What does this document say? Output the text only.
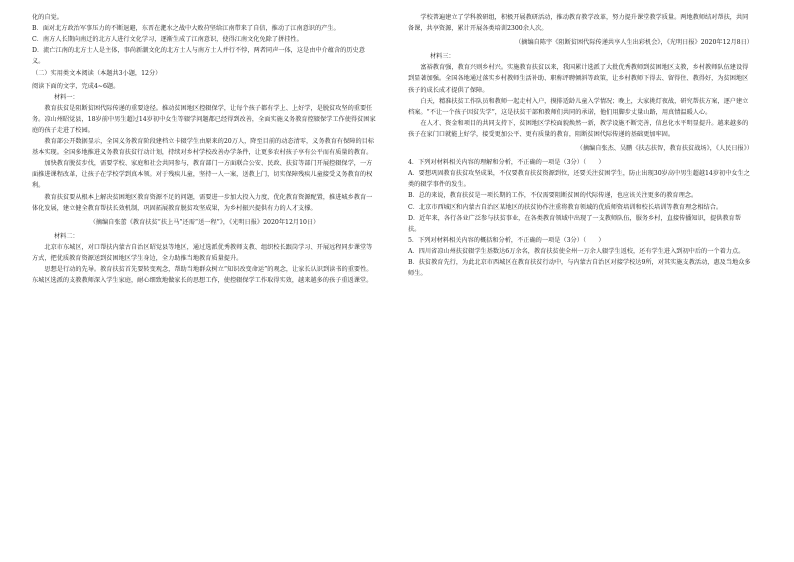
化的自觉。

B．面对北方政治军事压力的不断退避，东晋在淝水之战中大败苻坚给江南带来了自信，推动了江南意识的产生。

C．南方人长期向南迁的北方人进行文化学习，逐渐生成了江南意识，使得江南文化免除了拼挂性。

D．流亡江南的北方士人是主体，事尚新潮文化的北方士人与南方士人并行不悖，两者同声一体，这是由中介蕴含的历史意义。

（二）实用类文本阅读（本题共3小题，12分）

阅读下面的文字，完成4~6题。

材料一：

教育扶贫是阻断贫困代际传递的重要途径。推动贫困地区控辍保学，让每个孩子都有学上、上好学，是脱贫攻坚的重要任务。凉山州昭觉县，18岁前中男生超过14岁初中女生等辍学问题都已经得到改善，全面实施义务教育控辍保学工作使得贫困家庭的孩子走进了校园。

教育部公开数据显示，全国义务教育阶段建档立卡辍学生由原来的20万人，降至目前的动态清零，义务教育有保障的目标基本实现。全国多地推进义务教育扶贫行动计划，持续对乡村学校改善办学条件，让更多农村孩子享有公平而有质量的教育。

加快教育脱贫步伐，需要学校、家庭和社会共同参与，教育部门一方面联合公安、民政、扶贫等部门开展控辍保学，一方面推进课程改革，让孩子在学校学到真本领。对于残疾儿童，坚持一人一案，送教上门，切实保障残疾儿童接受义务教育的权利。

教育扶贫要从根本上解决贫困地区教育资源不足的问题，需要进一步加大投入力度，优化教育资源配置，推进城乡教育一体化发展，建立健全教育帮扶长效机制，巩固拓展教育脱贫攻坚成果，为乡村振兴提供有力的人才支撑。

（摘编自张蕾《教育扶贫“扶上马”还需“送一程”》，《光明日报》2020年12月10日）

材料二：

北京市东城区，对口帮扶内蒙古自治区昭觉县等地区，通过选派优秀教师支教、组织校长跟岗学习、开展远程同步课堂等方式，把优质教育资源送到贫困地区学生身边，全力助推当地教育质量提升。

思想是行动的先导。教育扶贫首先要转变观念，帮助当地群众树立“知识改变命运”的观念，让家长认识到读书的重要性。东城区选派的支教教师深入学生家庭，耐心细致地做家长的思想工作，使控辍保学工作取得实效，越来越多的孩子重返课堂。

学校普遍建立了学科教研组，积极开展教研活动，推动教育教学改革，努力提升课堂教学质量。两地教师结对帮扶，共同备课，共享资源，累计开展各类培训2300余人次。

（摘编自陈宇《阻断贫困代际传递共享人生出彩机会》，《光明日报》2020年12月8日）

材料三：

富裕教育强，教育兴则乡村兴。实施教育扶贫以来，我国累计选派了大批优秀教师到贫困地区支教，乡村教师队伍建设得到显著加强。全国各地通过落实乡村教师生活补助、职称评聘倾斜等政策，让乡村教师下得去、留得住、教得好，为贫困地区孩子的成长成才提供了保障。

白天，精准扶贫工作队员和教师一起走村入户，摸排适龄儿童入学情况；晚上，大家挑灯夜战，研究帮扶方案，逐户建立档案。“不让一个孩子因贫失学”，这是扶贫干部和教师们共同的承诺，他们用脚步丈量山路，用真情温暖人心。

在人才、资金和项目的共同支持下，贫困地区学校面貌焕然一新，教学设施不断完善，信息化水平明显提升。越来越多的孩子在家门口就能上好学，接受更加公平、更有质量的教育，阻断贫困代际传递的基础更加牢固。

（摘编自张杰、吴鹏《扶志扶智，教育扶贫战场》，《人民日报》）

4．下列对材料相关内容的理解和分析，不正确的一项是（3分）（　　）

A．要想巩固教育扶贫攻坚成果，不仅要教育扶贫资源到位，还要关注贫困学生，防止出现30岁高中男生超越14岁初中女生之类的辍学事件的发生。

B．总的来说，教育扶贫是一项长期的工作，不仅需要阻断贫困的代际传递，也应该关注更多的教育理念。

C．北京市西城区和内蒙古自治区某地区的扶贫协作注重将教育领域的优质师资培训和校长培训等教育理念相结合。

D．近年来，各行各业广泛参与扶贫事业，在各类教育领域中出现了一支教师队伍，服务乡村，直接传播知识，提供教育帮扶。

5．下列对材料相关内容的概括和分析，不正确的一项是（3分）（　　）

A．四川省凉山州扶贫辍学生基数达6万余名，教育扶贫使全州一万余人辍学生返校，还有学生进入到初中后的一个着力点。

B．扶贫教育先行，为此北京市西城区在教育扶贫行动中，与内蒙古自治区对接学校达9所，对其实施支教活动，惠及当地众多师生。
